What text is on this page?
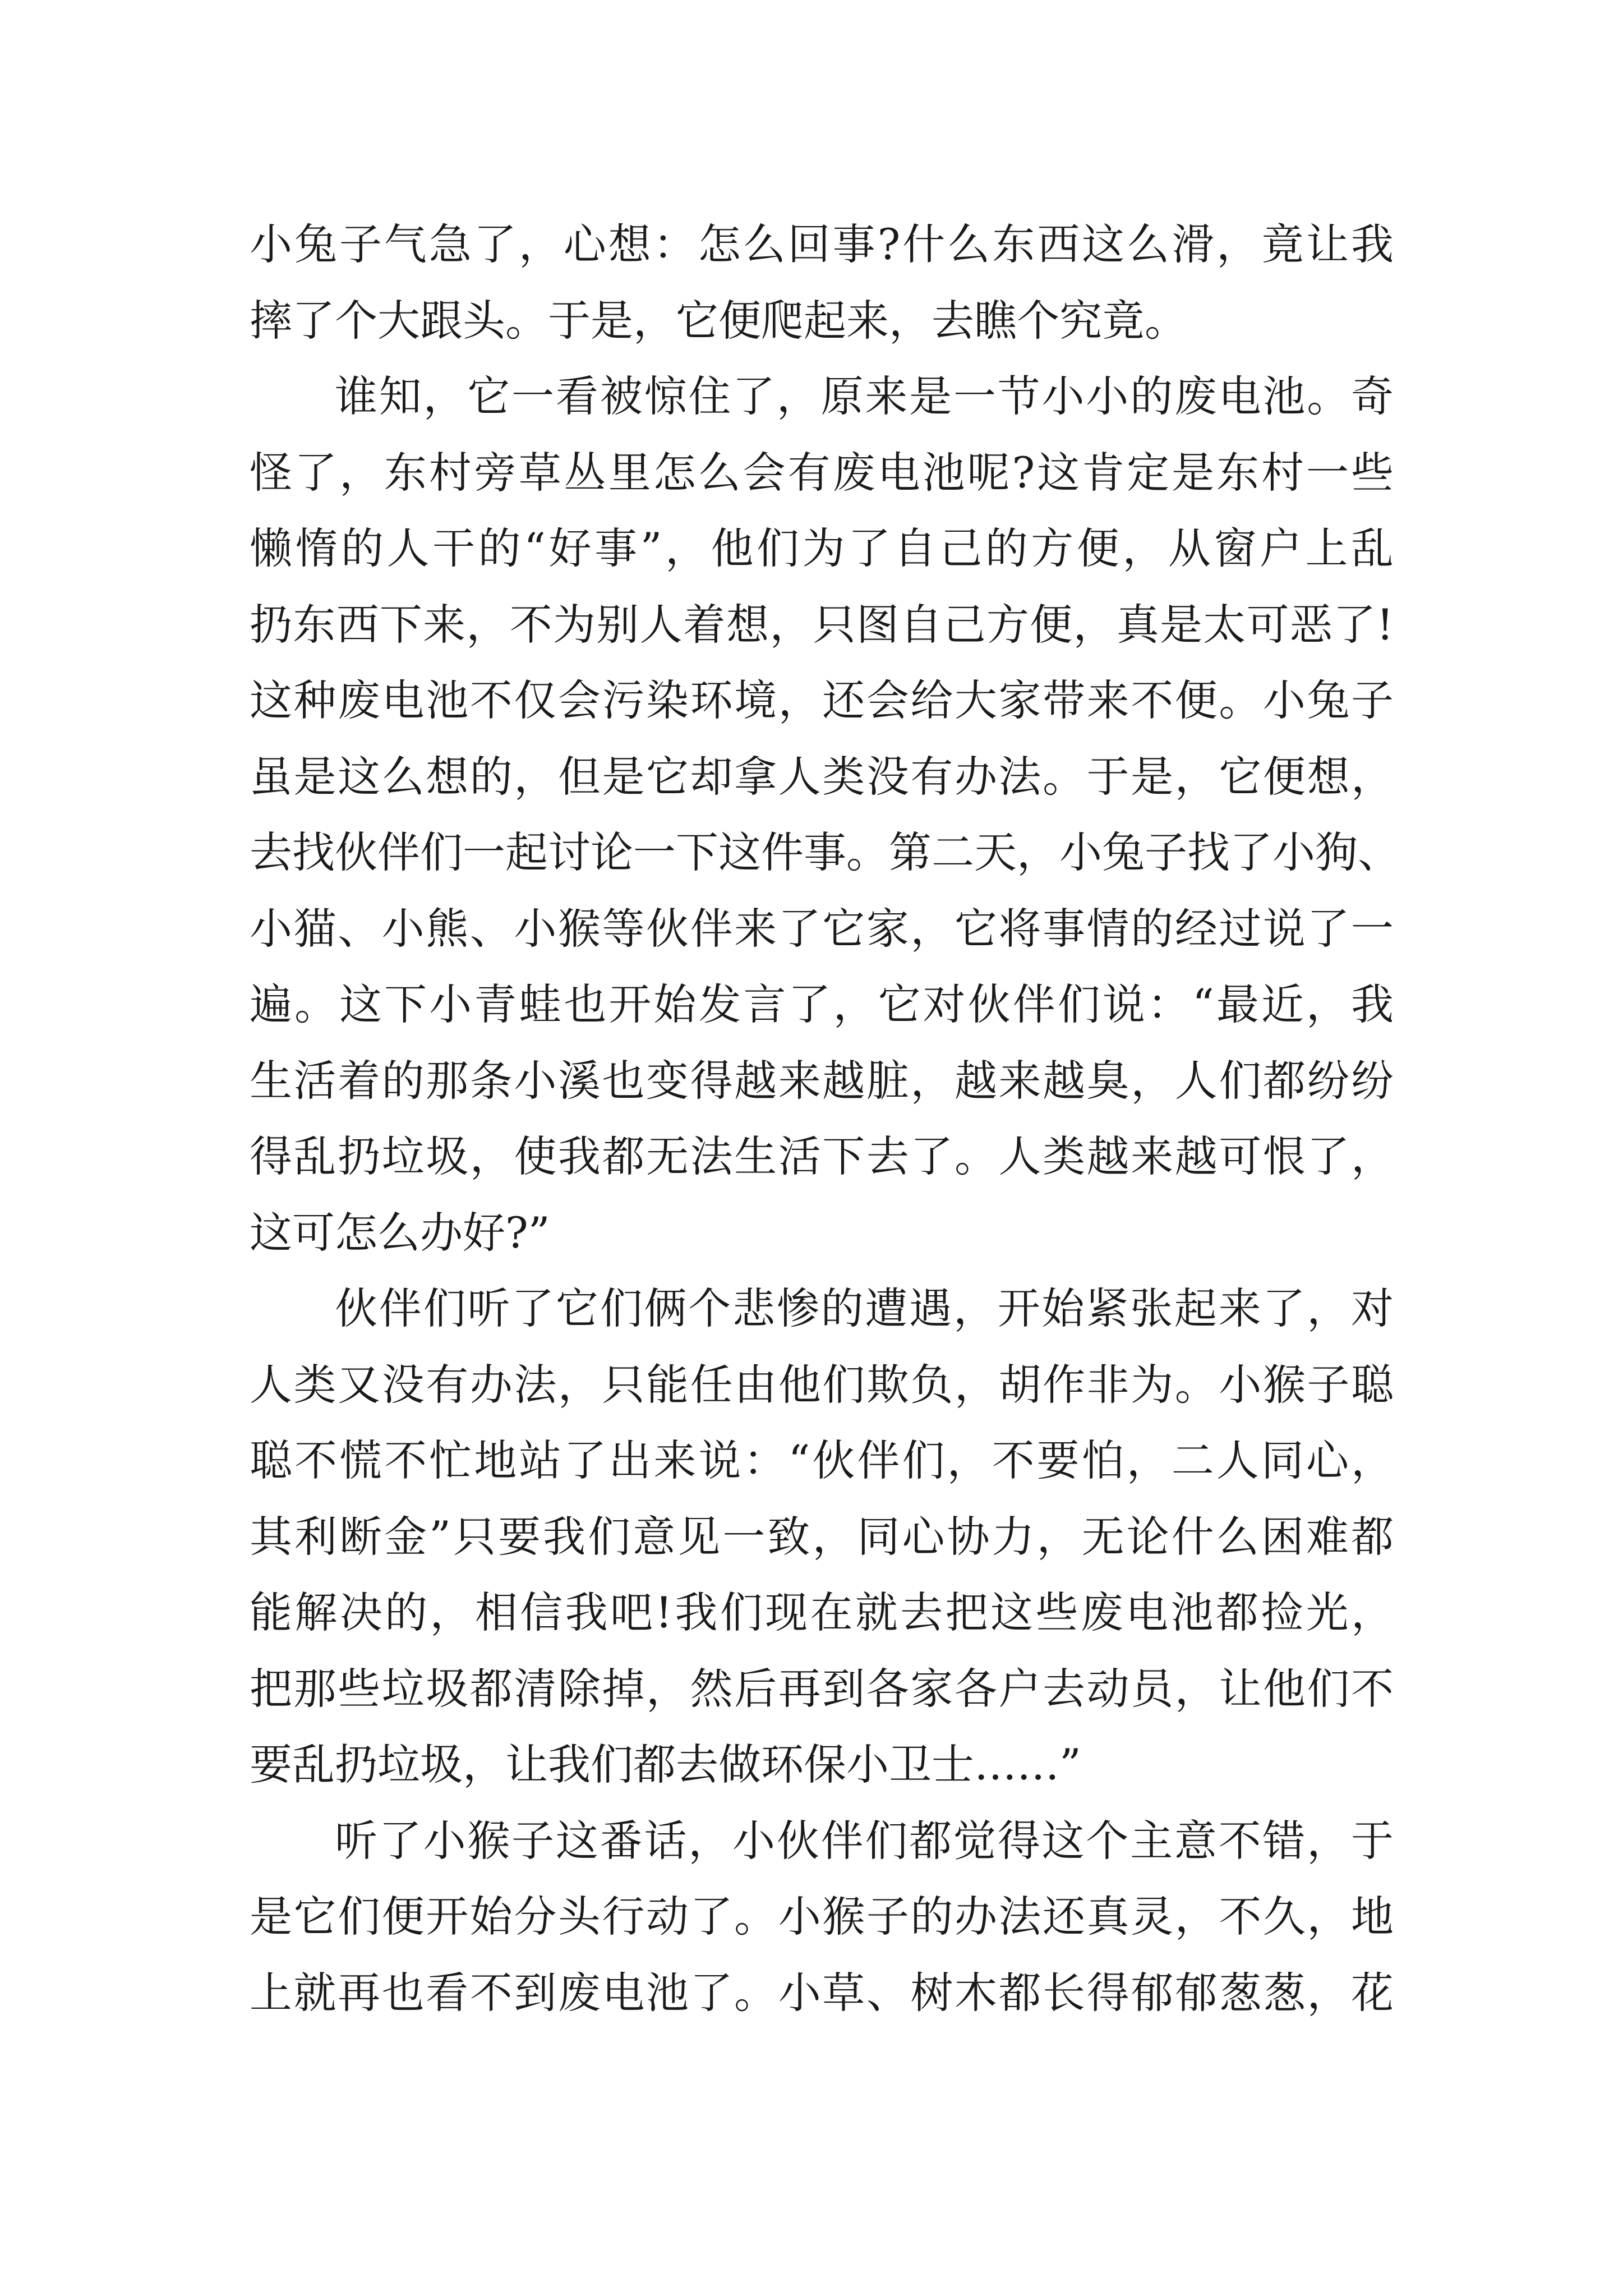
小兔子气急了，心想：怎么回事?什么东西这么滑，竟让我
摔了个大跟头。于是，它便爬起来，去瞧个究竟。
谁知，它一看被惊住了，原来是一节小小的废电池。奇
怪了，东村旁草丛里怎么会有废电池呢?这肯定是东村一些
懒惰的人干的“好事”，他们为了自己的方便，从窗户上乱
扔东西下来，不为别人着想，只图自己方便，真是太可恶了!
这种废电池不仅会污染环境，还会给大家带来不便。小兔子
虽是这么想的，但是它却拿人类没有办法。于是，它便想，
去找伙伴们一起讨论一下这件事。第二天，小兔子找了小狗、
小猫、小熊、小猴等伙伴来了它家，它将事情的经过说了一
遍。这下小青蛙也开始发言了，它对伙伴们说：“最近，我
生活着的那条小溪也变得越来越脏，越来越臭，人们都纷纷
得乱扔垃圾，使我都无法生活下去了。人类越来越可恨了，
这可怎么办好?”
伙伴们听了它们俩个悲惨的遭遇，开始紧张起来了，对
人类又没有办法，只能任由他们欺负，胡作非为。小猴子聪
聪不慌不忙地站了出来说：“伙伴们，不要怕，二人同心，
其利断金”只要我们意见一致，同心协力，无论什么困难都
能解决的，相信我吧!我们现在就去把这些废电池都捡光，
把那些垃圾都清除掉，然后再到各家各户去动员，让他们不
要乱扔垃圾，让我们都去做环保小卫士……”
听了小猴子这番话，小伙伴们都觉得这个主意不错，于
是它们便开始分头行动了。小猴子的办法还真灵，不久，地
上就再也看不到废电池了。小草、树木都长得郁郁葱葱，花
